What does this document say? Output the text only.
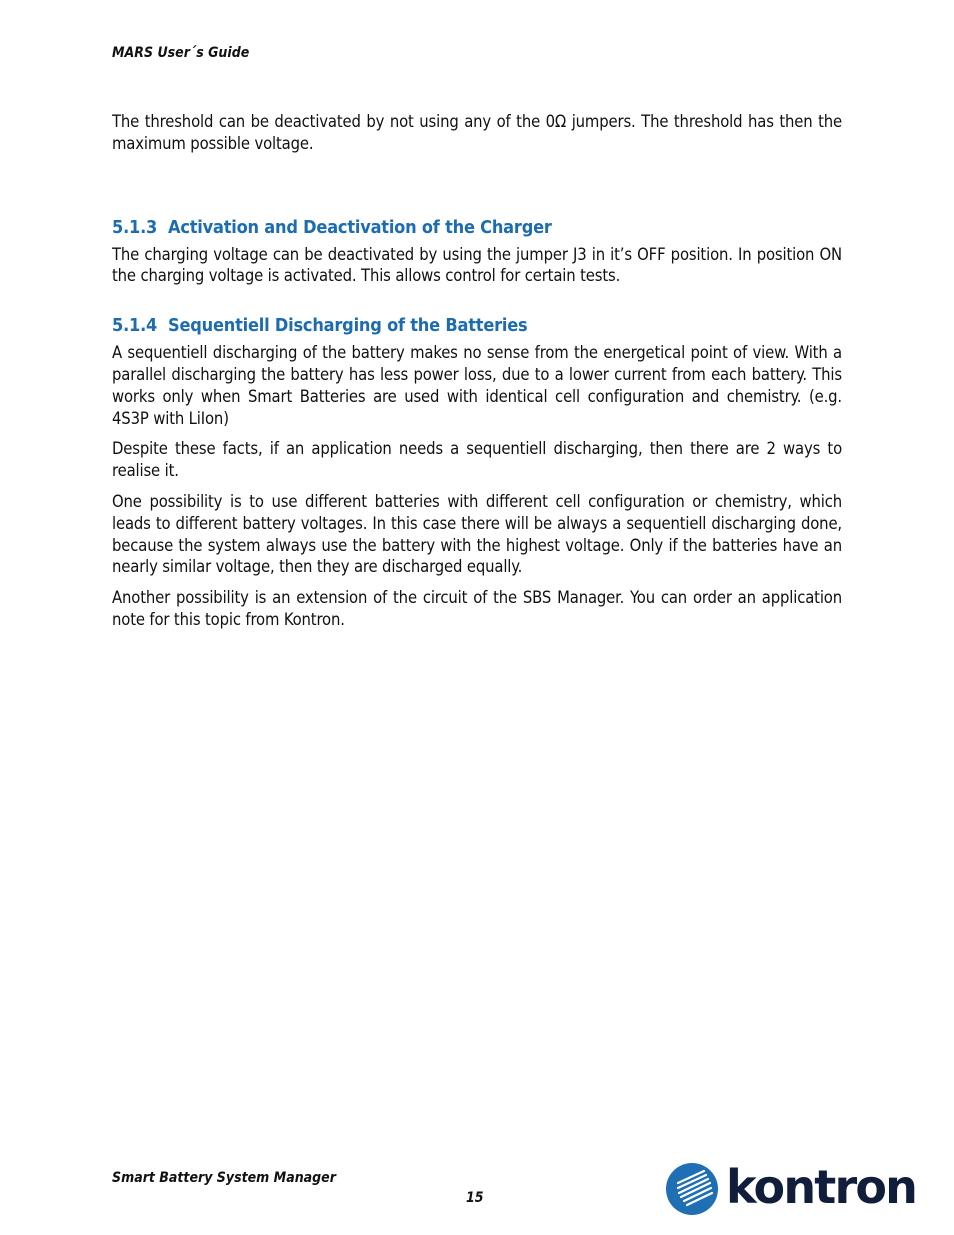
MARS User´s Guide

The threshold can be deactivated by not using any of the 0Ω jumpers. The threshold has then the maximum possible voltage.

5.1.3 Activation and Deactivation of the Charger

The charging voltage can be deactivated by using the jumper J3 in it’s OFF position. In position ON the charging voltage is activated. This allows control for certain tests.

5.1.4 Sequentiell Discharging of the Batteries

A sequentiell discharging of the battery makes no sense from the energetical point of view. With a parallel discharging the battery has less power loss, due to a lower current from each battery. This works only when Smart Batteries are used with identical cell configuration and chemistry. (e.g. 4S3P with LiIon)

Despite these facts, if an application needs a sequentiell discharging, then there are 2 ways to realise it.

One possibility is to use different batteries with different cell configuration or chemistry, which leads to different battery voltages. In this case there will be always a sequentiell discharging done, because the system always use the battery with the highest voltage. Only if the batteries have an nearly similar voltage, then they are discharged equally.

Another possibility is an extension of the circuit of the SBS Manager. You can order an application note for this topic from Kontron.

Smart Battery System Manager
15	kontron
